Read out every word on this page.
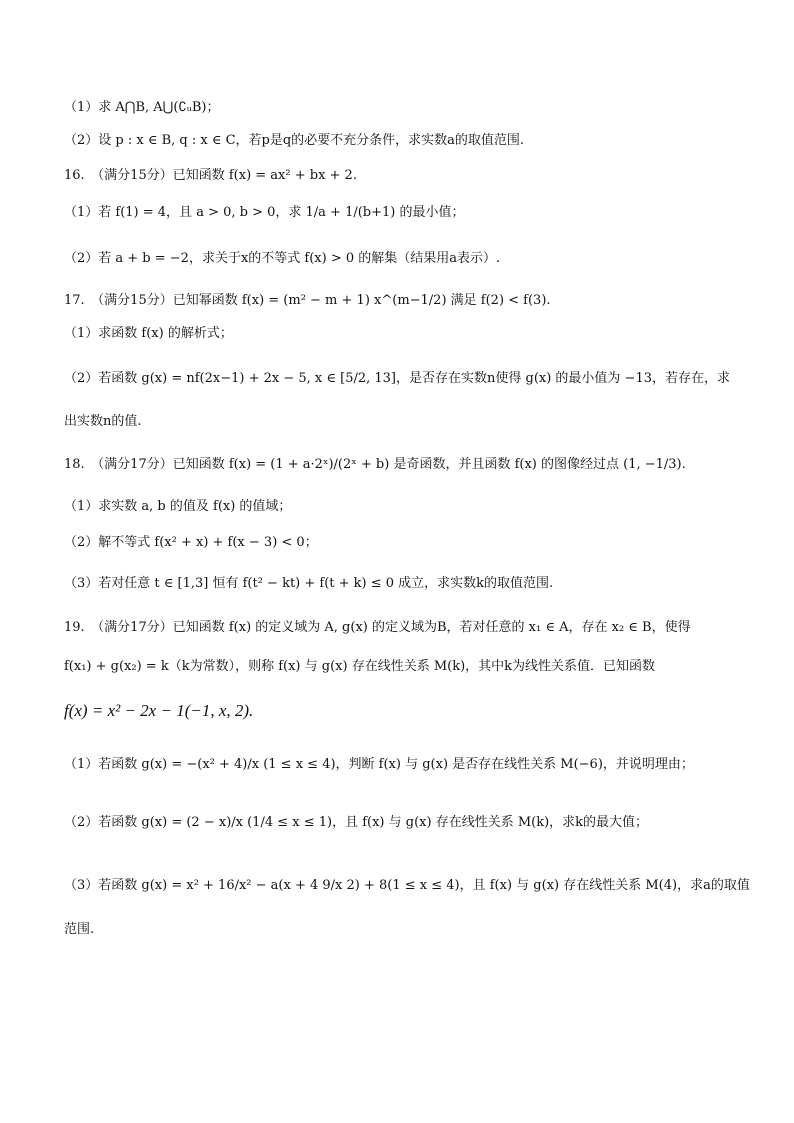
（1）求 A⋂B, A⋃(∁ᵤB)；
（2）设 p : x ∈ B, q : x ∈ C，若p是q的必要不充分条件，求实数a的取值范围.
16.　（满分15分）已知函数 f(x) = ax² + bx + 2.
（1）若 f(1) = 4，且 a > 0, b > 0，求 1/a + 1/(b+1) 的最小值；
（2）若 a + b = −2，求关于x的不等式 f(x) > 0 的解集（结果用a表示）.
17.　（满分15分）已知幂函数 f(x) = (m² − m + 1) x^(m−1/2) 满足 f(2) < f(3).
（1）求函数 f(x) 的解析式；
（2）若函数 g(x) = nf(2x−1) + 2x − 5, x ∈ [5/2, 13]，是否存在实数n使得 g(x) 的最小值为 −13，若存在，求
出实数n的值.
18.　（满分17分）已知函数 f(x) = (1 + a·2ˣ)/(2ˣ + b) 是奇函数，并且函数 f(x) 的图像经过点 (1, −1/3).
（1）求实数 a, b 的值及 f(x) 的值域；
（2）解不等式 f(x² + x) + f(x − 3) < 0；
（3）若对任意 t ∈ [1,3] 恒有 f(t² − kt) + f(t + k) ≤ 0 成立，求实数k的取值范围.
19.　（满分17分）已知函数 f(x) 的定义域为 A, g(x) 的定义域为B，若对任意的 x₁ ∈ A，存在 x₂ ∈ B，使得
f(x₁) + g(x₂) = k（k为常数），则称 f(x) 与 g(x) 存在线性关系 M(k)，其中k为线性关系值．已知函数
f(x) = x² − 2x − 1(−1, x, 2).
（1）若函数 g(x) = −(x² + 4)/x (1 ≤ x ≤ 4)，判断 f(x) 与 g(x) 是否存在线性关系 M(−6)，并说明理由；
（2）若函数 g(x) = (2 − x)/x (1/4 ≤ x ≤ 1)，且 f(x) 与 g(x) 存在线性关系 M(k)，求k的最大值；
（3）若函数 g(x) = x² + 16/x² − a(x + 4 9/x 2) + 8(1 ≤ x ≤ 4)，且 f(x) 与 g(x) 存在线性关系 M(4)，求a的取值
范围.
